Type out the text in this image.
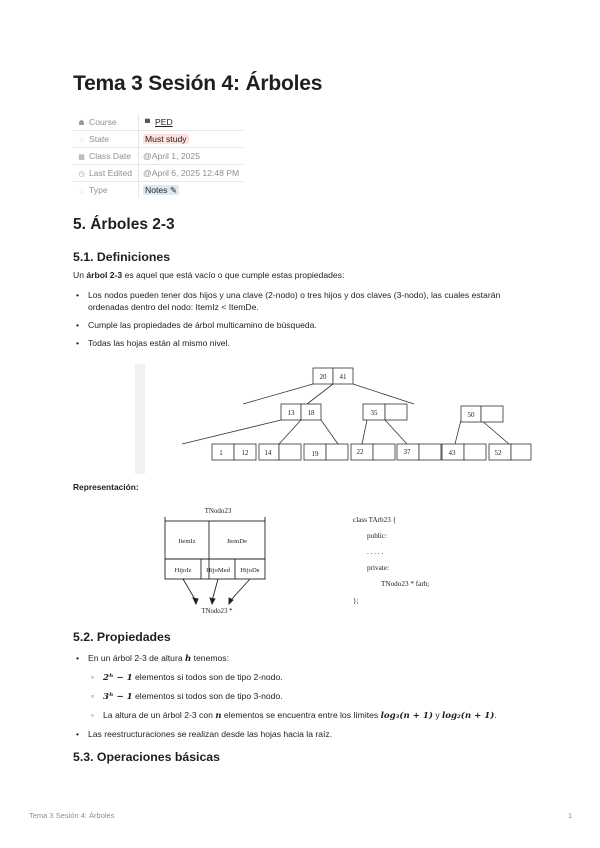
Tema 3 Sesión 4: Árboles
☗ Course	▀ PED
◌ State	Must study
▦ Class Date	@April 1, 2025
◷ Last Edited	@April 6, 2025 12:48 PM
◌ Type	Notes ✎
5. Árboles 2-3
5.1. Definiciones
Un árbol 2-3 es aquel que está vacío o que cumple estas propiedades:
• Los nodos pueden tener dos hijos y una clave (2-nodo) o tres hijos y dos claves (3-nodo), las cuales estarán ordenadas dentro del nodo: ItemIz < ItemDe.
• Cumple las propiedades de árbol multicamino de búsqueda.
• Todas las hojas están al mismo nivel.
20 41
13 18	35	50
1	12 14	19	22	37	43	52
Representación:
TNodo23
ItemIz	ItemDe
HijoIz HijoMed HijoDe
TNodo23 *
class TArb23 {
public:
. . . . .
private:
TNodo23 * farb;
};
5.2. Propiedades
• En un árbol 2-3 de altura h tenemos:
◦ 2ʰ − 1 elementos si todos son de tipo 2-nodo.
◦ 3ʰ − 1 elementos si todos son de tipo 3-nodo.
◦ La altura de un árbol 2-3 con n elementos se encuentra entre los límites log₃(n + 1) y log₂(n + 1).
• Las reestructuraciones se realizan desde las hojas hacia la raíz.
5.3. Operaciones básicas
Tema 3 Sesión 4: Árboles	1
